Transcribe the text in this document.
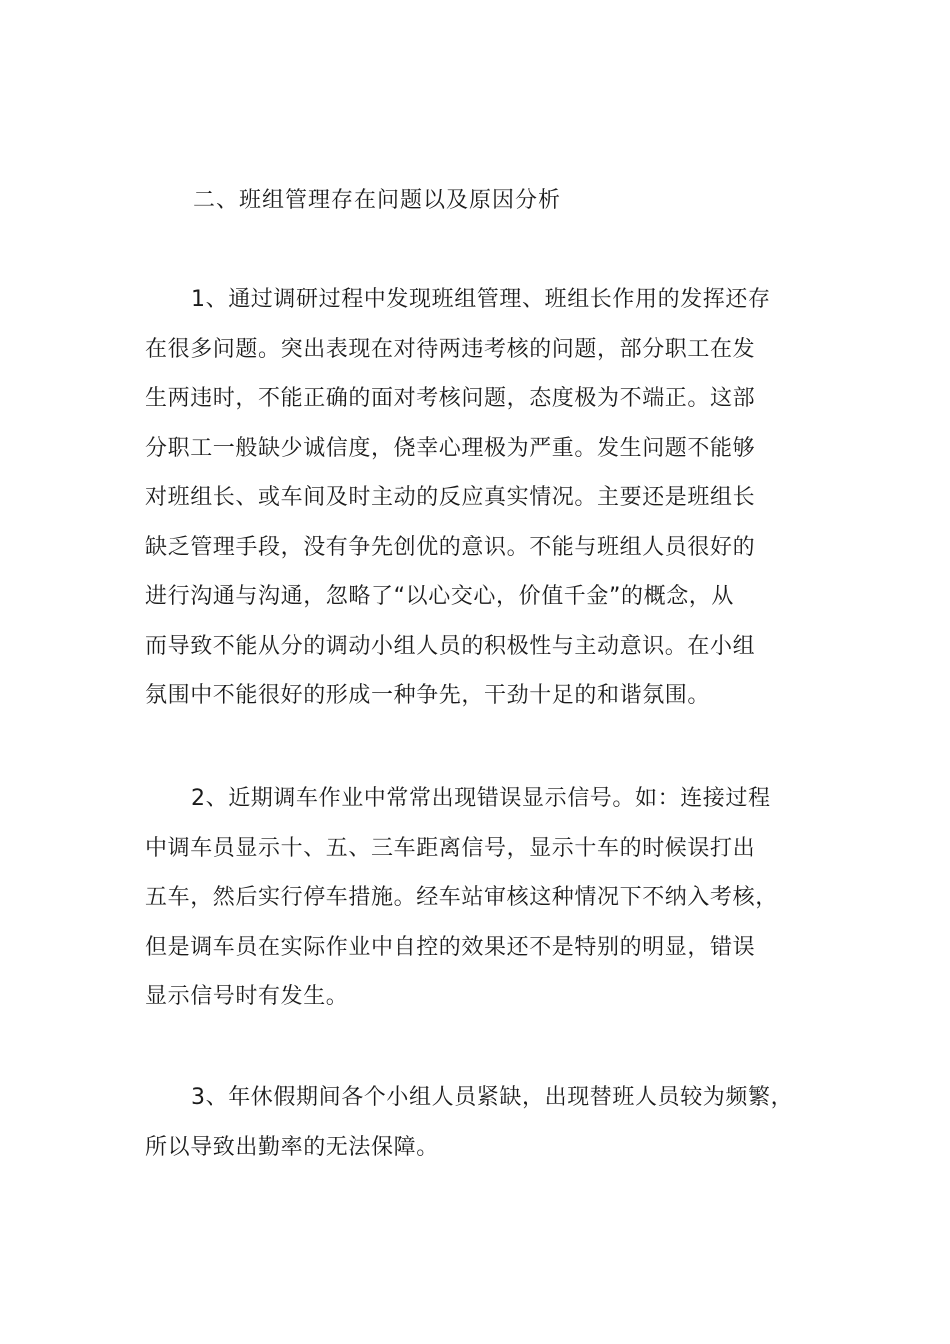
二、班组管理存在问题以及原因分析
1、通过调研过程中发现班组管理、班组长作用的发挥还存
在很多问题。突出表现在对待两违考核的问题，部分职工在发
生两违时，不能正确的面对考核问题，态度极为不端正。这部
分职工一般缺少诚信度，侥幸心理极为严重。发生问题不能够
对班组长、或车间及时主动的反应真实情况。主要还是班组长
缺乏管理手段，没有争先创优的意识。不能与班组人员很好的
进行沟通与沟通，忽略了“以心交心，价值千金”的概念，从
而导致不能从分的调动小组人员的积极性与主动意识。在小组
氛围中不能很好的形成一种争先，干劲十足的和谐氛围。
2、近期调车作业中常常出现错误显示信号。如：连接过程
中调车员显示十、五、三车距离信号，显示十车的时候误打出
五车，然后实行停车措施。经车站审核这种情况下不纳入考核，
但是调车员在实际作业中自控的效果还不是特别的明显，错误
显示信号时有发生。
3、年休假期间各个小组人员紧缺，出现替班人员较为频繁，
所以导致出勤率的无法保障。
